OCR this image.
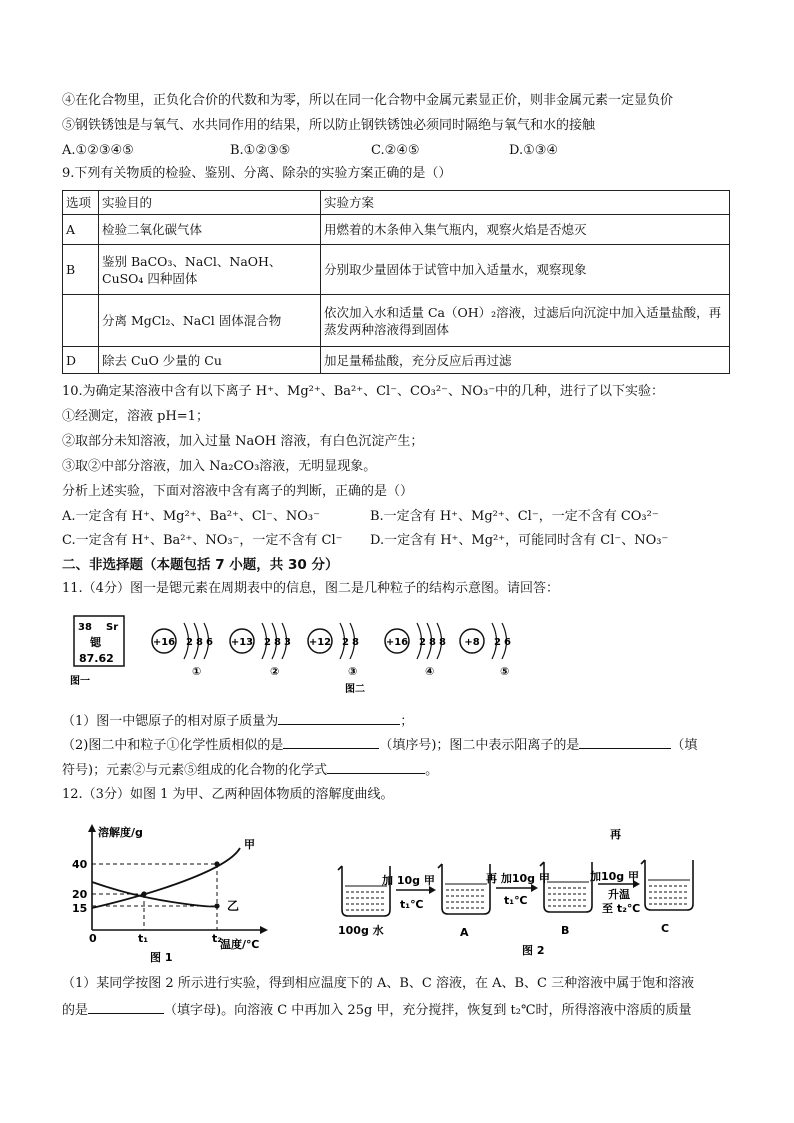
④在化合物里，正负化合价的代数和为零，所以在同一化合物中金属元素显正价，则非金属元素一定显负价
⑤钢铁锈蚀是与氧气、水共同作用的结果，所以防止钢铁锈蚀必须同时隔绝与氧气和水的接触
A.①②③④⑤	B.①②③⑤	C.②④⑤	D.①③④
9.下列有关物质的检验、鉴别、分离、除杂的实验方案正确的是（）
选项	实验目的	实验方案
A	检验二氧化碳气体	用燃着的木条伸入集气瓶内，观察火焰是否熄灭
B	鉴别 BaCO₃、NaCl、NaOH、CuSO₄ 四种固体	分别取少量固体于试管中加入适量水，观察现象
	分离 MgCl₂、NaCl 固体混合物	依次加入水和适量 Ca（OH）₂溶液，过滤后向沉淀中加入适量盐酸，再蒸发两种溶液得到固体
D	除去 CuO 少量的 Cu	加足量稀盐酸，充分反应后再过滤
10.为确定某溶液中含有以下离子 H⁺、Mg²⁺、Ba²⁺、Cl⁻、CO₃²⁻、NO₃⁻中的几种，进行了以下实验：
①经测定，溶液 pH=1；
②取部分未知溶液，加入过量 NaOH 溶液，有白色沉淀产生；
③取②中部分溶液，加入 Na₂CO₃溶液，无明显现象。
分析上述实验，下面对溶液中含有离子的判断，正确的是（）
A.一定含有 H⁺、Mg²⁺、Ba²⁺、Cl⁻、NO₃⁻	B.一定含有 H⁺、Mg²⁺、Cl⁻，一定不含有 CO₃²⁻
C.一定含有 H⁺、Ba²⁺、NO₃⁻，一定不含有 Cl⁻ D.一定含有 H⁺、Mg²⁺，可能同时含有 Cl⁻、NO₃⁻
二、非选择题（本题包括 7 小题，共 30 分）
11.（4分）图一是锶元素在周期表中的信息，图二是几种粒子的结构示意图。请回答：
38 Sr
锶
87.62
图一
+16 2 8 6
①
+13 2 8 3
②
+12 2 8
③
+16 2 8 8
④
+8 2 6
⑤
图二
（1）图一中锶原子的相对原子质量为	；
（2)图二中和粒子①化学性质相似的是	（填序号)；图二中表示阳离子的是	（填
符号)；元素②与元素⑤组成的化合物的化学式	。
12.（3分）如图 1 为甲、乙两种固体物质的溶解度曲线。
溶解度/g
温度/℃
40
20
15
0	t₁	t₂
甲
乙
图 1
加 10g 甲
t₁℃
再 加10g 甲
t₁℃
再
加10g 甲
升温
至 t₂℃
100g 水	A	B	C
图 2
（1）某同学按图 2 所示进行实验，得到相应温度下的 A、B、C 溶液，在 A、B、C 三种溶液中属于饱和溶液
的是	（填字母)。向溶液 C 中再加入 25g 甲，充分搅拌，恢复到 t₂℃时，所得溶液中溶质的质量
